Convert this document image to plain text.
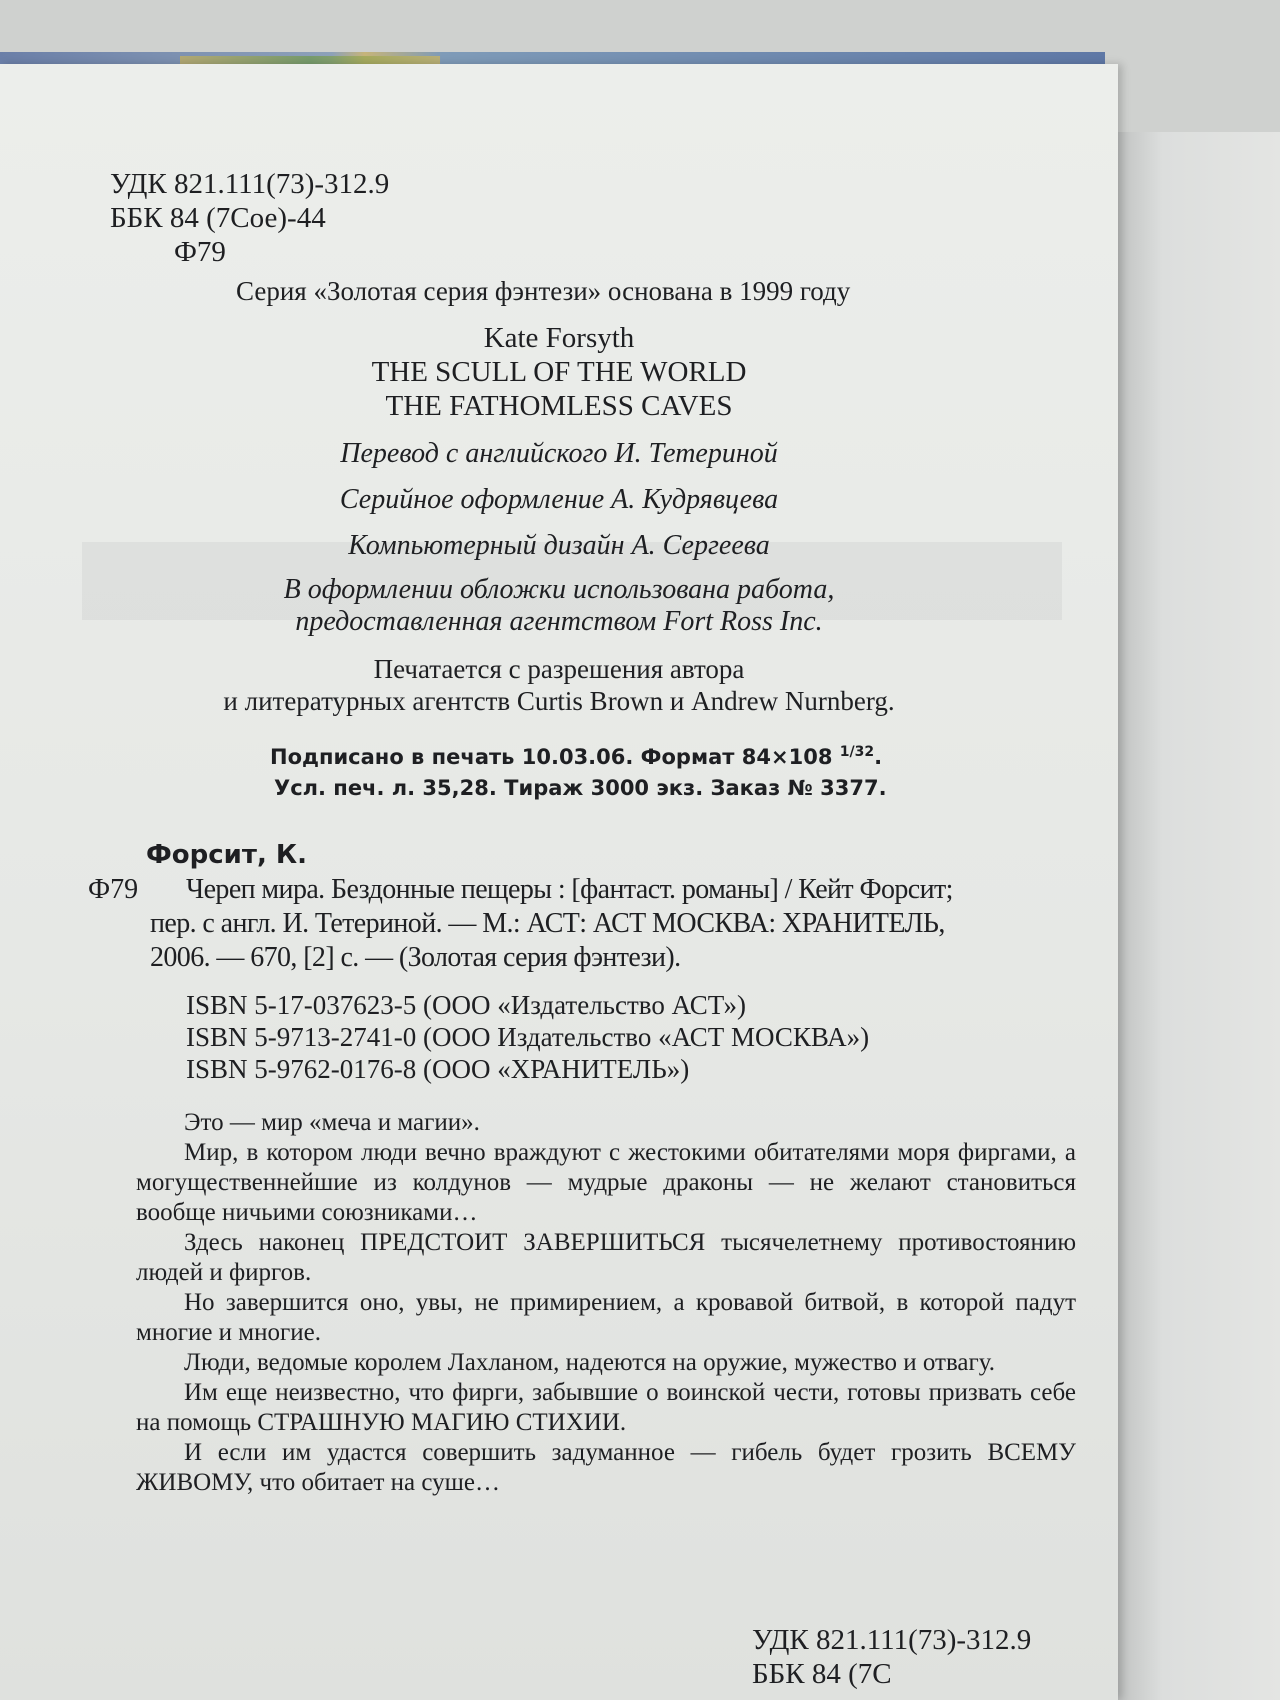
УДК 821.111(73)-312.9
ББК 84 (7Сое)-44
Ф79
Серия «Золотая серия фэнтези» основана в 1999 году
Kate Forsyth
THE SCULL OF THE WORLD
THE FATHOMLESS CAVES
Перевод с английского И. Тетериной
Серийное оформление А. Кудрявцева
Компьютерный дизайн А. Сергеева
В оформлении обложки использована работа,
предоставленная агентством Fort Ross Inc.
Печатается с разрешения автора
и литературных агентств Curtis Brown и Andrew Nurnberg.
Подписано в печать 10.03.06. Формат 84×108 $^{1/32}$.
Усл. печ. л. 35,28. Тираж 3000 экз. Заказ № 3377.
Форсит, К.
Ф79 Череп мира. Бездонные пещеры : [фантаст. романы] / Кейт Форсит;
пер. с англ. И. Тетериной. — М.: АСТ: АСТ МОСКВА: ХРАНИТЕЛЬ,
2006. — 670, [2] с. — (Золотая серия фэнтези).
ISBN 5-17-037623-5 (ООО «Издательство АСТ»)
ISBN 5-9713-2741-0 (ООО Издательство «АСТ МОСКВА»)
ISBN 5-9762-0176-8 (ООО «ХРАНИТЕЛЬ»)
Это — мир «меча и магии».
Мир, в котором люди вечно враждуют с жестокими обитателями моря фиргами, а могущественнейшие из колдунов — мудрые драконы — не желают становиться вообще ничьими союзниками…
Здесь наконец ПРЕДСТОИТ ЗАВЕРШИТЬСЯ тысячелетнему противостоянию людей и фиргов.
Но завершится оно, увы, не примирением, а кровавой битвой, в которой падут многие и многие.
Люди, ведомые королем Лахланом, надеются на оружие, мужество и отвагу.
Им еще неизвестно, что фирги, забывшие о воинской чести, готовы призвать себе на помощь СТРАШНУЮ МАГИЮ СТИХИИ.
И если им удастся совершить задуманное — гибель будет грозить ВСЕМУ ЖИВОМУ, что обитает на суше…
УДК 821.111(73)-312.9
ББК 84 (7С
